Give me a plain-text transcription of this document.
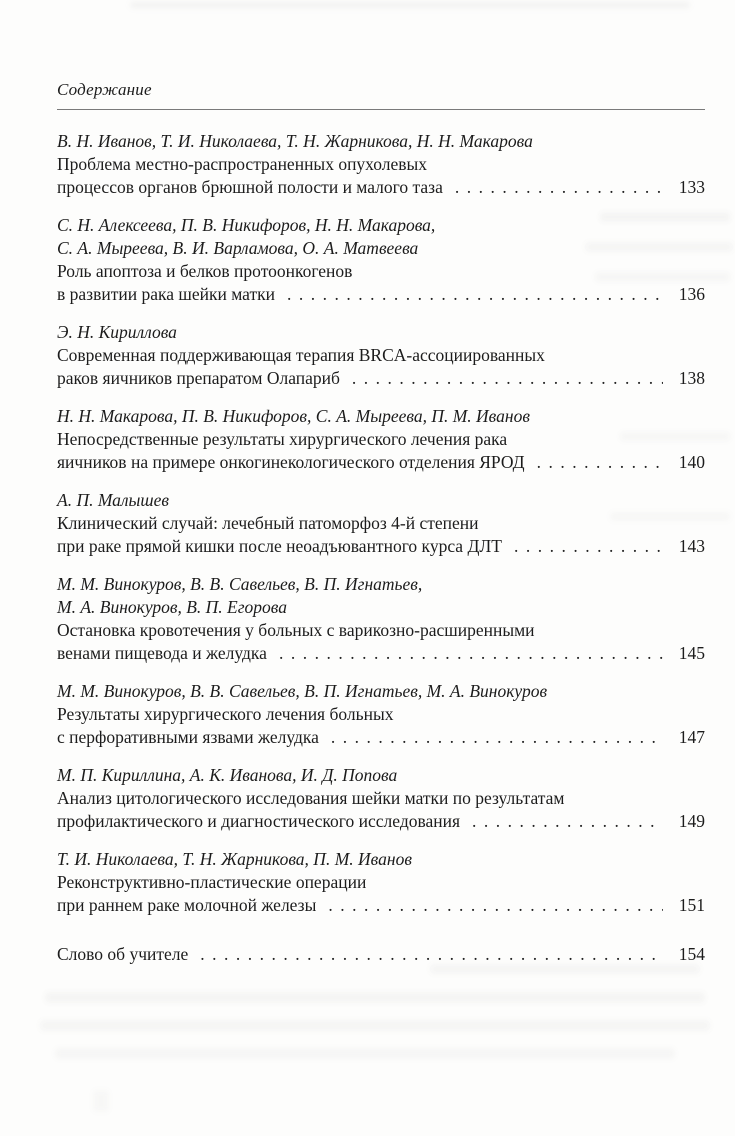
Содержание
В. Н. Иванов, Т. И. Николаева, Т. Н. Жарникова, Н. Н. Макарова
Проблема местно-распространенных опухолевых
процессов органов брюшной полости и малого таза .....	133
С. Н. Алексеева, П. В. Никифоров, Н. Н. Макарова,
С. А. Мыреева, В. И. Варламова, О. А. Матвеева
Роль апоптоза и белков протоонкогенов
в развитии рака шейки матки .....	136
Э. Н. Кириллова
Современная поддерживающая терапия BRCA-ассоциированных
раков яичников препаратом Олапариб .....	138
Н. Н. Макарова, П. В. Никифоров, С. А. Мыреева, П. М. Иванов
Непосредственные результаты хирургического лечения рака
яичников на примере онкогинекологического отделения ЯРОД .....	140
А. П. Малышев
Клинический случай: лечебный патоморфоз 4-й степени
при раке прямой кишки после неоадъювантного курса ДЛТ .....	143
М. М. Винокуров, В. В. Савельев, В. П. Игнатьев,
М. А. Винокуров, В. П. Егорова
Остановка кровотечения у больных с варикозно-расширенными
венами пищевода и желудка .....	145
М. М. Винокуров, В. В. Савельев, В. П. Игнатьев, М. А. Винокуров
Результаты хирургического лечения больных
с перфоративными язвами желудка .....	147
М. П. Кириллина, А. К. Иванова, И. Д. Попова
Анализ цитологического исследования шейки матки по результатам
профилактического и диагностического исследования .....	149
Т. И. Николаева, Т. Н. Жарникова, П. М. Иванов
Реконструктивно-пластические операции
при раннем раке молочной железы .....	151
Слово об учителе .....	154
